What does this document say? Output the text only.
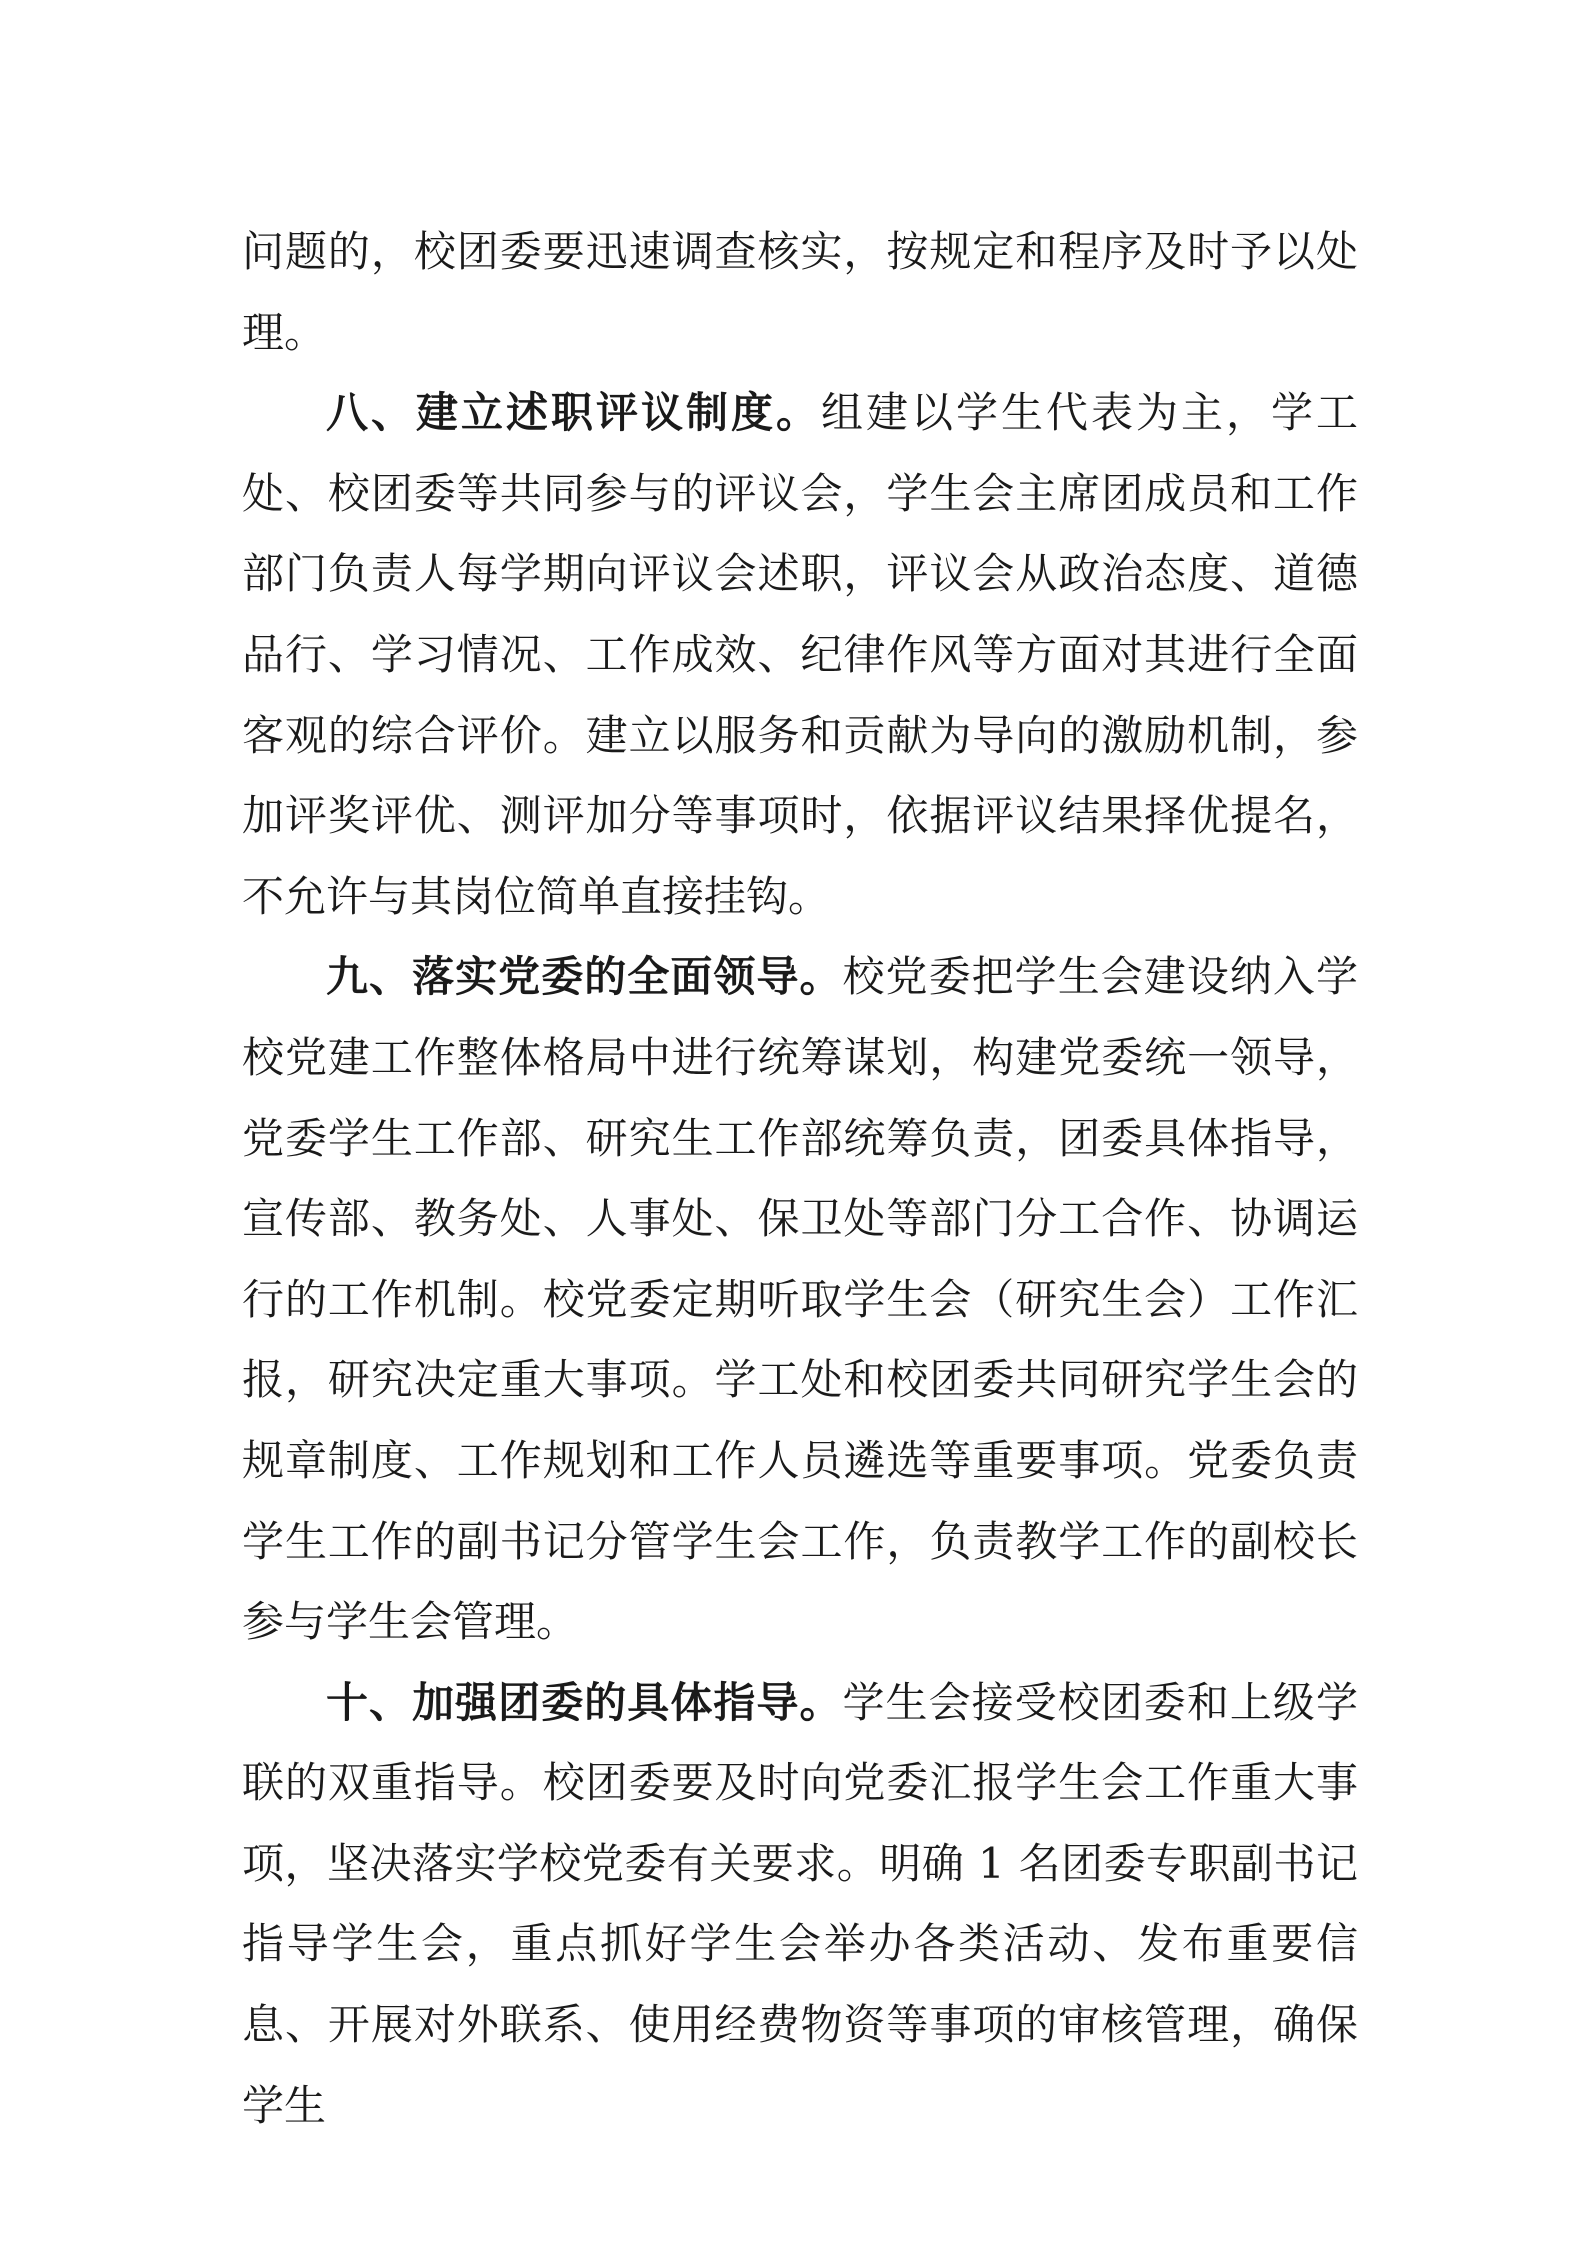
问题的，校团委要迅速调查核实，按规定和程序及时予以处理。

八、建立述职评议制度。组建以学生代表为主，学工处、校团委等共同参与的评议会，学生会主席团成员和工作部门负责人每学期向评议会述职，评议会从政治态度、道德品行、学习情况、工作成效、纪律作风等方面对其进行全面客观的综合评价。建立以服务和贡献为导向的激励机制，参加评奖评优、测评加分等事项时，依据评议结果择优提名，不允许与其岗位简单直接挂钩。

九、落实党委的全面领导。校党委把学生会建设纳入学校党建工作整体格局中进行统筹谋划，构建党委统一领导，党委学生工作部、研究生工作部统筹负责，团委具体指导，宣传部、教务处、人事处、保卫处等部门分工合作、协调运行的工作机制。校党委定期听取学生会（研究生会）工作汇报，研究决定重大事项。学工处和校团委共同研究学生会的规章制度、工作规划和工作人员遴选等重要事项。党委负责学生工作的副书记分管学生会工作，负责教学工作的副校长参与学生会管理。

十、加强团委的具体指导。学生会接受校团委和上级学联的双重指导。校团委要及时向党委汇报学生会工作重大事项，坚决落实学校党委有关要求。明确 1 名团委专职副书记指导学生会，重点抓好学生会举办各类活动、发布重要信息、开展对外联系、使用经费物资等事项的审核管理，确保学生
